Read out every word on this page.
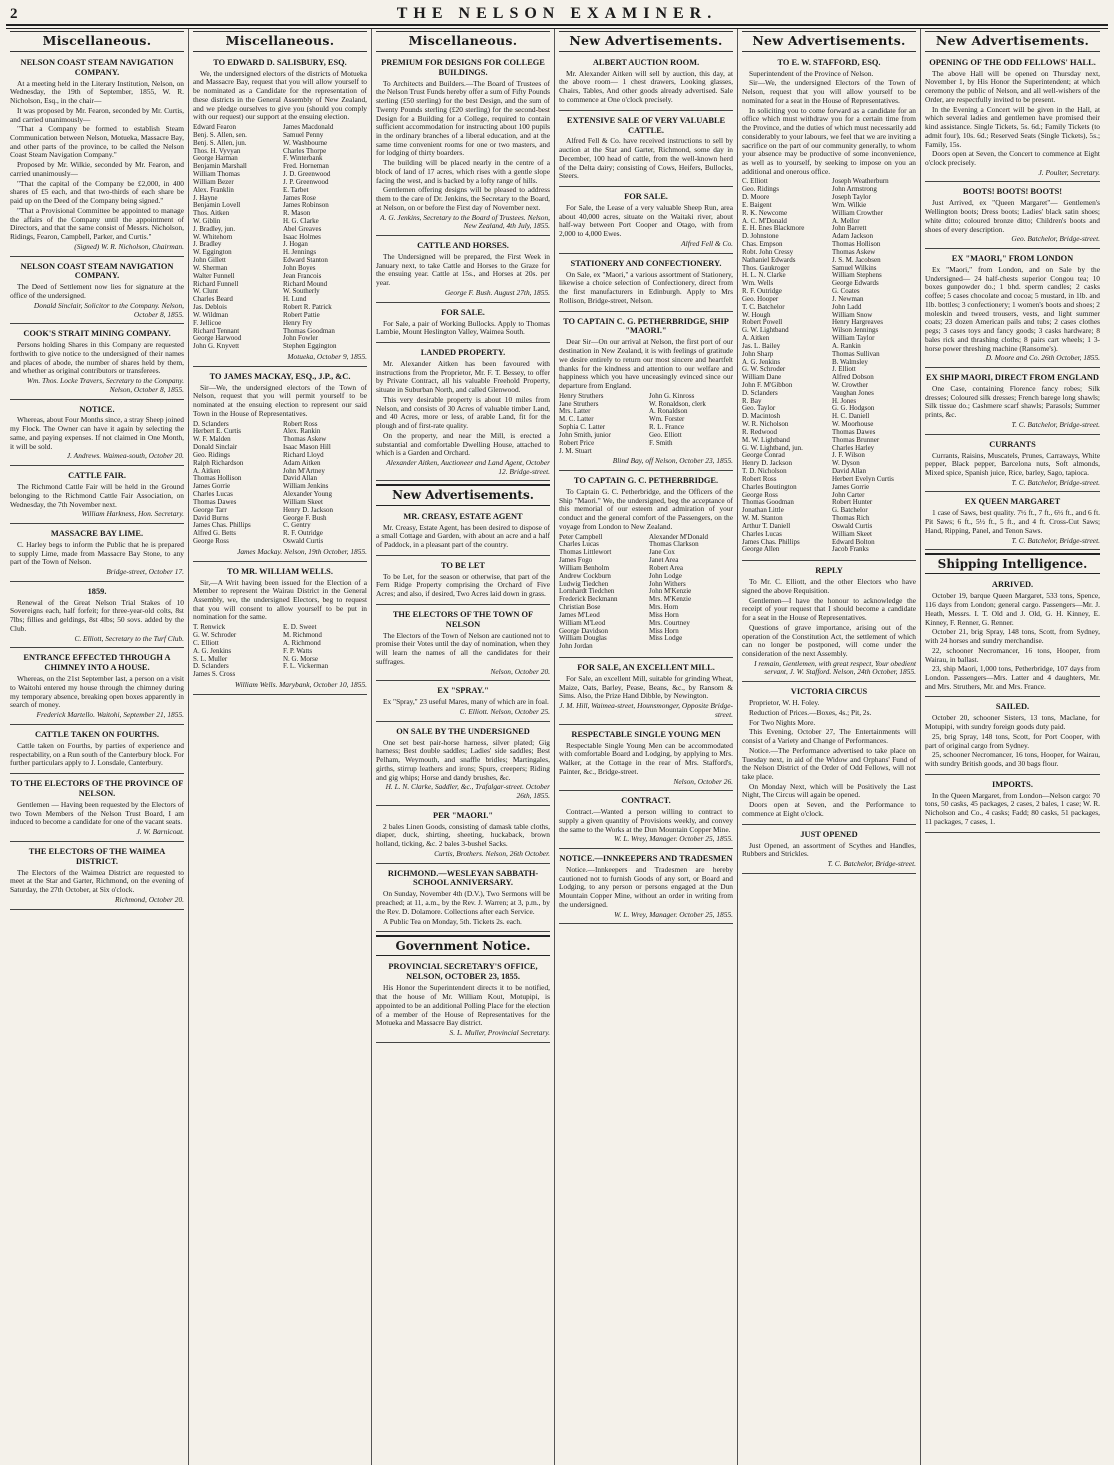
2	THE NELSON EXAMINER.
Miscellaneous.
NELSON COAST STEAM NAVIGATION COMPANY.

At a meeting held in the Literary Institution, Nelson, on Wednesday, the 19th of September, 1855, W. R. Nicholson, Esq., in the chair—

It was proposed by Mr. Fearon, seconded by Mr. Curtis, and carried unanimously—

"That a Company be formed to establish Steam Communication between Nelson, Motueka, Massacre Bay, and other parts of the province, to be called the Nelson Coast Steam Navigation Company."

Proposed by Mr. Wilkie, seconded by Mr. Fearon, and carried unanimously—

"That the capital of the Company be £2,000, in 400 shares of £5 each, and that two-thirds of each share be paid up on the Deed of the Company being signed."

"That a Provisional Committee be appointed to manage the affairs of the Company until the appointment of Directors, and that the same consist of Messrs. Nicholson, Ridings, Fearon, Campbell, Parker, and Curtis."

(Signed) W. R. Nicholson, Chairman.
NELSON COAST STEAM NAVIGATION COMPANY.

The Deed of Settlement now lies for signature at the office of the undersigned.

Donald Sinclair, Solicitor to the Company. Nelson, October 8, 1855.
COOK'S STRAIT MINING COMPANY.

Persons holding Shares in this Company are requested forthwith to give notice to the undersigned of their names and places of abode, the number of shares held by them, and whether as original contributors or transferees.

Wm. Thos. Locke Travers, Secretary to the Company. Nelson, October 8, 1855.
NOTICE.

Whereas, about Four Months since, a stray Sheep joined my Flock. The Owner can have it again by selecting the same, and paying expenses. If not claimed in One Month, it will be sold.

J. Andrews. Waimea-south, October 20.
CATTLE FAIR.

The Richmond Cattle Fair will be held in the Ground belonging to the Richmond Cattle Fair Association, on Wednesday, the 7th November next.

William Harkness, Hon. Secretary.
MASSACRE BAY LIME.

C. Harley begs to inform the Public that he is prepared to supply Lime, made from Massacre Bay Stone, to any part of the Town of Nelson.

Bridge-street, October 17.
1859.

Renewal of the Great Nelson Trial Stakes of 10 Sovereigns each, half forfeit; for three-year-old colts, 8st 7lbs; fillies and geldings, 8st 4lbs; 50 sovs. added by the Club.

C. Elliott, Secretary to the Turf Club.
ENTRANCE EFFECTED THROUGH A CHIMNEY INTO A HOUSE.

Whereas, on the 21st September last, a person on a visit to Waitohi entered my house through the chimney during my temporary absence, breaking open boxes apparently in search of money.

Frederick Martello. Waitohi, September 21, 1855.
CATTLE TAKEN ON FOURTHS.

Cattle taken on Fourths, by parties of experience and respectability, on a Run south of the Canterbury block. For further particulars apply to J. Lonsdale, Canterbury.

TO THE ELECTORS OF THE PROVINCE OF NELSON.

Gentlemen — Having been requested by the Electors of two Town Members of the Nelson Trust Board, I am induced to become a candidate for one of the vacant seats.

J. W. Barnicoat.
THE ELECTORS OF THE WAIMEA DISTRICT.

The Electors of the Waimea District are requested to meet at the Star and Garter, Richmond, on the evening of Saturday, the 27th October, at Six o'clock.

Richmond, October 20.
Miscellaneous.
TO EDWARD D. SALISBURY, ESQ.

We, the undersigned electors of the districts of Motueka and Massacre Bay, request that you will allow yourself to be nominated as a Candidate for the representation of these districts in the General Assembly of New Zealand, and we pledge ourselves to give you (should you comply with our request) our support at the ensuing election.

Edward Fearon
Benj. S. Allen, sen.
Benj. S. Allen, jun.
Thos. H. Vyvyan
George Harman
Benjamin Marshall
William Thomas
William Bezer
Alex. Franklin
J. Hayne
Benjamin Lovell
Thos. Aitken
W. Giblin
J. Bradley, jun.
W. Whitehorn
J. Bradley
W. Eggington
John Gillett
W. Sherman
Walter Funnell
Richard Funnell
W. Clunt
Charles Beard
Jas. Deblois
W. Wildman
F. Jellicoe
Richard Tennant
George Harwood
John G. Knyvett
James Macdonald
Samuel Penny
W. Washbourne
Charles Thorpe
F. Winterbank
Fred. Horneman
J. D. Greenwood
J. P. Greenwood
E. Tarbet
James Rose
James Robinson
R. Mason
H. G. Clarke
Abel Greaves
Isaac Holmes
J. Hogan
H. Jennings
Edward Stanton
John Boyes
Jean Francois
Richard Mound
W. Southerly
H. Lund
Robert R. Patrick
Robert Pattie
Henry Fry
Thomas Goodman
John Fowler
Stephen Eggington
Motueka, October 9, 1855.
TO JAMES MACKAY, ESQ., J.P., &C.

Sir—We, the undersigned electors of the Town of Nelson, request that you will permit yourself to be nominated at the ensuing election to represent our said Town in the House of Representatives.

D. Sclanders
Herbert E. Curtis
W. F. Malden
Donald Sinclair
Geo. Ridings
Ralph Richardson
A. Aitken
Thomas Hollison
James Gorrie
Charles Lucas
Thomas Dawes
George Tarr
David Burns
James Chas. Phillips
Alfred G. Betts
George Ross
Robert Ross
Alex. Rankin
Thomas Askew
Isaac Mason Hill
Richard Lloyd
Adam Aitken
John M'Artney
David Allan
William Jenkins
Alexander Young
William Skeet
Henry D. Jackson
George F. Bush
C. Gentry
R. F. Outridge
Oswald Curtis
James Mackay. Nelson, 19th October, 1855.
TO MR. WILLIAM WELLS.

Sir,—A Writ having been issued for the Election of a Member to represent the Wairau District in the General Assembly, we, the undersigned Electors, beg to request that you will consent to allow yourself to be put in nomination for the same.

T. Renwick
G. W. Schroder
C. Elliott
A. G. Jenkins
S. L. Muller
D. Sclanders
James S. Cross
E. D. Sweet
M. Richmond
A. Richmond
F. P. Watts
N. G. Morse
F. L. Vickerman
William Wells. Marybank, October 10, 1855.
Miscellaneous.
PREMIUM FOR DESIGNS FOR COLLEGE BUILDINGS.

To Architects and Builders.—The Board of Trustees of the Nelson Trust Funds hereby offer a sum of Fifty Pounds sterling (£50 sterling) for the best Design, and the sum of Twenty Pounds sterling (£20 sterling) for the second-best Design for a Building for a College, required to contain sufficient accommodation for instructing about 100 pupils in the ordinary branches of a liberal education, and at the same time convenient rooms for one or two masters, and for lodging of thirty boarders.

The building will be placed nearly in the centre of a block of land of 17 acres, which rises with a gentle slope facing the west, and is backed by a lofty range of hills.

Gentlemen offering designs will be pleased to address them to the care of Dr. Jenkins, the Secretary to the Board, at Nelson, on or before the First day of November next.

A. G. Jenkins, Secretary to the Board of Trustees. Nelson, New Zealand, 4th July, 1855.
CATTLE AND HORSES.

The Undersigned will be prepared, the First Week in January next, to take Cattle and Horses to the Graze for the ensuing year. Cattle at 15s., and Horses at 20s. per year.

George F. Bush. August 27th, 1855.
FOR SALE.

For Sale, a pair of Working Bullocks. Apply to Thomas Lambie, Mount Heslington Valley, Waimea South.

LANDED PROPERTY.

Mr. Alexander Aitken has been favoured with instructions from the Proprietor, Mr. F. T. Bessey, to offer by Private Contract, all his valuable Freehold Property, situate in Suburban North, and called Glenwood.

This very desirable property is about 10 miles from Nelson, and consists of 30 Acres of valuable timber Land, and 40 Acres, more or less, of arable Land, fit for the plough and of first-rate quality.

On the property, and near the Mill, is erected a substantial and comfortable Dwelling House, attached to which is a Garden and Orchard.

Alexander Aitken, Auctioneer and Land Agent, October 12. Bridge-street.
New Advertisements.
MR. CREASY, ESTATE AGENT

Mr. Creasy, Estate Agent, has been desired to dispose of a small Cottage and Garden, with about an acre and a half of Paddock, in a pleasant part of the country.

TO BE LET

To be Let, for the season or otherwise, that part of the Fern Ridge Property comprising the Orchard of Five Acres; and also, if desired, Two Acres laid down in grass.

THE ELECTORS OF THE TOWN OF NELSON

The Electors of the Town of Nelson are cautioned not to promise their Votes until the day of nomination, when they will learn the names of all the candidates for their suffrages.

Nelson, October 20.
EX "SPRAY."

Ex "Spray," 23 useful Mares, many of which are in foal.

C. Elliott. Nelson, October 25.
ON SALE BY THE UNDERSIGNED

One set best pair-horse harness, silver plated; Gig harness; Best double saddles; Ladies' side saddles; Best Pelham, Weymouth, and snaffle bridles; Martingales, girths, stirrup leathers and irons; Spurs, creepers; Riding and gig whips; Horse and dandy brushes, &c.

H. L. N. Clarke, Saddler, &c., Trafalgar-street. October 26th, 1855.
PER "MAORI."

2 bales Linen Goods, consisting of damask table cloths, diaper, duck, shirting, sheeting, huckaback, brown holland, ticking, &c. 2 bales 3-bushel Sacks.

Curtis, Brothers. Nelson, 26th October.
RICHMOND.—WESLEYAN SABBATH-SCHOOL ANNIVERSARY.

On Sunday, November 4th (D.V.), Two Sermons will be preached; at 11, a.m., by the Rev. J. Warren; at 3, p.m., by the Rev. D. Dolamore. Collections after each Service.

A Public Tea on Monday, 5th. Tickets 2s. each.

Government Notice.
PROVINCIAL SECRETARY'S OFFICE, NELSON, OCTOBER 23, 1855.

His Honor the Superintendent directs it to be notified, that the house of Mr. William Kout, Motupipi, is appointed to be an additional Polling Place for the election of a member of the House of Representatives for the Motueka and Massacre Bay district.

S. L. Muller, Provincial Secretary.
New Advertisements.
ALBERT AUCTION ROOM.

Mr. Alexander Aitken will sell by auction, this day, at the above room— 1 chest drawers, Looking glasses, Chairs, Tables, And other goods already advertised. Sale to commence at One o'clock precisely.

EXTENSIVE SALE OF VERY VALUABLE CATTLE.

Alfred Fell & Co. have received instructions to sell by auction at the Star and Garter, Richmond, some day in December, 100 head of cattle, from the well-known herd of the Delta dairy; consisting of Cows, Heifers, Bullocks, Steers.

FOR SALE.

For Sale, the Lease of a very valuable Sheep Run, area about 40,000 acres, situate on the Waitaki river, about half-way between Port Cooper and Otago, with from 2,000 to 4,000 Ewes.

Alfred Fell & Co.
STATIONERY AND CONFECTIONERY.

On Sale, ex "Maori," a various assortment of Stationery, likewise a choice selection of Confectionery, direct from the first manufacturers in Edinburgh. Apply to Mrs Rollison, Bridge-street, Nelson.

TO CAPTAIN C. G. PETHERBRIDGE, SHIP "MAORI."

Dear Sir—On our arrival at Nelson, the first port of our destination in New Zealand, it is with feelings of gratitude we desire entirely to return our most sincere and heartfelt thanks for the kindness and attention to our welfare and happiness which you have unceasingly evinced since our departure from England.

Henry Struthers
Jane Struthers
Mrs. Latter
M. C. Latter
Sophia C. Latter
John Smith, junior
Robert Price
J. M. Stuart
John G. Kinross
W. Ronaldson, clerk
A. Ronaldson
Wm. Forster
R. L. France
Geo. Elliott
F. Smith
Blind Bay, off Nelson, October 23, 1855.
TO CAPTAIN G. C. PETHERBRIDGE.

To Captain G. C. Petherbridge, and the Officers of the Ship "Maori." We, the undersigned, beg the acceptance of this memorial of our esteem and admiration of your conduct and the general comfort of the Passengers, on the voyage from London to New Zealand.

Peter Campbell
Charles Lucas
Thomas Littlewort
James Fogo
William Benholm
Andrew Cockburn
Ludwig Tiedchen
Lornhardt Tiedchen
Frederick Beckmann
Christian Bose
James M'Leod
William M'Leod
George Davidson
William Douglas
John Jordan
Alexander M'Donald
Thomas Clarkson
Jane Cox
Janet Area
Robert Area
John Lodge
John Withers
John M'Kenzie
Mrs. M'Kenzie
Mrs. Horn
Miss Horn
Mrs. Courtney
Miss Horn
Miss Lodge
FOR SALE, AN EXCELLENT MILL.

For Sale, an excellent Mill, suitable for grinding Wheat, Maize, Oats, Barley, Pease, Beans, &c., by Ransom & Sims. Also, the Prize Hand Dibble, by Newington.

J. M. Hill, Waimea-street, Hounsmonger, Opposite Bridge-street.
RESPECTABLE SINGLE YOUNG MEN

Respectable Single Young Men can be accommodated with comfortable Board and Lodging, by applying to Mrs. Walker, at the Cottage in the rear of Mrs. Stafford's, Painter, &c., Bridge-street.

Nelson, October 26.
CONTRACT.

Contract.—Wanted a person willing to contract to supply a given quantity of Provisions weekly, and convey the same to the Works at the Dun Mountain Copper Mine.

W. L. Wrey, Manager. October 25, 1855.
NOTICE.—INNKEEPERS AND TRADESMEN

Notice.—Innkeepers and Tradesmen are hereby cautioned not to furnish Goods of any sort, or Board and Lodging, to any person or persons engaged at the Dun Mountain Copper Mine, without an order in writing from the undersigned.

W. L. Wrey, Manager. October 25, 1855.
New Advertisements.
TO E. W. STAFFORD, ESQ.

Superintendent of the Province of Nelson.

Sir—We, the undersigned Electors of the Town of Nelson, request that you will allow yourself to be nominated for a seat in the House of Representatives.

In soliciting you to come forward as a candidate for an office which must withdraw you for a certain time from the Province, and the duties of which must necessarily add considerably to your labours, we feel that we are inviting a sacrifice on the part of our community generally, to whom your absence may be productive of some inconvenience, as well as to yourself, by seeking to impose on you an additional and onerous office.

C. Elliott
Geo. Ridings
D. Moore
E. Baigent
R. K. Newcome
A. C. M'Donald
E. H. Enes Blackmore
D. Johnstone
Chas. Empson
Robt. John Cressy
Nathaniel Edwards
Thos. Gaukroger
H. L. N. Clarke
Wm. Wells
R. F. Outridge
Geo. Hooper
T. C. Batchelor
W. Hough
Robert Powell
G. W. Lightband
A. Aitken
Jas. L. Bailey
John Sharp
A. G. Jenkins
G. W. Schroder
William Dane
John F. M'Gibbon
D. Sclanders
R. Bay
Geo. Taylor
D. Macintosh
W. R. Nicholson
R. Redwood
M. W. Lightband
G. W. Lightband, jun.
George Conrad
Henry D. Jackson
T. D. Nicholson
Robert Ross
Charles Boutington
George Ross
Thomas Goodman
Jonathan Little
W. M. Stanton
Arthur T. Daniell
Charles Lucas
James Chas. Phillips
George Allen
Joseph Weatherburn
John Armstrong
Joseph Taylor
Wm. Wilkie
William Crowther
A. Mellor
John Barrett
Adam Jackson
Thomas Hollison
Thomas Askew
J. S. M. Jacobsen
Samuel Wilkins
William Stephens
George Edwards
G. Coates
J. Newman
John Ladd
William Snow
Henry Hargreaves
Wilson Jennings
William Taylor
A. Rankin
Thomas Sullivan
B. Walmsley
J. Elliott
Alfred Dobson
W. Crowther
Vaughan Jones
H. Jones
G. G. Hodgson
H. C. Daniell
W. Moorhouse
Thomas Dawes
Thomas Brunner
Charles Harley
J. F. Wilson
W. Dyson
David Allan
Herbert Evelyn Curtis
James Gorrie
John Carter
Robert Hunter
G. Batchelor
Thomas Rich
Oswald Curtis
William Skeet
Edward Bolton
Jacob Franks
REPLY

To Mr. C. Elliott, and the other Electors who have signed the above Requisition.

Gentlemen—I have the honour to acknowledge the receipt of your request that I should become a candidate for a seat in the House of Representatives.

Questions of grave importance, arising out of the operation of the Constitution Act, the settlement of which can no longer be postponed, will come under the consideration of the next Assembly.

I remain, Gentlemen, with great respect, Your obedient servant, J. W. Stafford. Nelson, 24th October, 1855.
VICTORIA CIRCUS

Proprietor, W. H. Foley.

Reduction of Prices.—Boxes, 4s.; Pit, 2s.

For Two Nights More.

This Evening, October 27, The Entertainments will consist of a Variety and Change of Performances.

Notice.—The Performance advertised to take place on Tuesday next, in aid of the Widow and Orphans' Fund of the Nelson District of the Order of Odd Fellows, will not take place.

On Monday Next, which will be Positively the Last Night, The Circus will again be opened.

Doors open at Seven, and the Performance to commence at Eight o'clock.

JUST OPENED

Just Opened, an assortment of Scythes and Handles, Rubbers and Strickles.

T. C. Batchelor, Bridge-street.
New Advertisements.
OPENING OF THE ODD FELLOWS' HALL.

The above Hall will be opened on Thursday next, November 1, by His Honor the Superintendent; at which ceremony the public of Nelson, and all well-wishers of the Order, are respectfully invited to be present.

In the Evening a Concert will be given in the Hall, at which several ladies and gentlemen have promised their kind assistance. Single Tickets, 5s. 6d.; Family Tickets (to admit four), 10s. 6d.; Reserved Seats (Single Tickets), 5s.; Family, 15s.

Doors open at Seven, the Concert to commence at Eight o'clock precisely.

J. Poulter, Secretary.
BOOTS! BOOTS! BOOTS!

Just Arrived, ex "Queen Margaret"— Gentlemen's Wellington boots; Dress boots; Ladies' black satin shoes; white ditto; coloured bronze ditto; Children's boots and shoes of every description.

Geo. Batchelor, Bridge-street.
EX "MAORI," FROM LONDON

Ex "Maori," from London, and on Sale by the Undersigned— 24 half-chests superior Congou tea; 10 boxes gunpowder do.; 1 bhd. sperm candles; 2 casks coffee; 5 cases chocolate and cocoa; 5 mustard, in 1lb. and 1lb. bottles; 3 confectionery; 1 women's boots and shoes; 2 moleskin and tweed trousers, vests, and light summer coats; 23 dozen American pails and tubs; 2 cases clothes pegs; 3 cases toys and fancy goods; 3 casks hardware; 8 bales rick and thrashing cloths; 8 pairs cart wheels; 1 3-horse power threshing machine (Ransome's).

D. Moore and Co. 26th October, 1855.
EX SHIP MAORI, DIRECT FROM ENGLAND

One Case, containing Florence fancy robes; Silk dresses; Coloured silk dresses; French barege long shawls; Silk tissue do.; Cashmere scarf shawls; Parasols; Summer prints, &c.

T. C. Batchelor, Bridge-street.
CURRANTS

Currants, Raisins, Muscatels, Prunes, Carraways, White pepper, Black pepper, Barcelona nuts, Soft almonds, Mixed spice, Spanish juice, Rice, barley, Sago, tapioca.

T. C. Batchelor, Bridge-street.
EX QUEEN MARGARET

1 case of Saws, best quality. 7½ ft., 7 ft., 6½ ft., and 6 ft. Pit Saws; 6 ft., 5½ ft., 5 ft., and 4 ft. Cross-Cut Saws; Hand, Ripping, Panel, and Tenon Saws.

T. C. Batchelor, Bridge-street.
Shipping Intelligence.
ARRIVED.

October 19, barque Queen Margaret, 533 tons, Spence, 116 days from London; general cargo. Passengers—Mr. J. Heath, Messrs. I. T. Old and J. Old, G. H. Kinney, E. Kinney, F. Renner, G. Renner.

October 21, brig Spray, 148 tons, Scott, from Sydney, with 24 horses and sundry merchandise.

22, schooner Necromancer, 16 tons, Hooper, from Wairau, in ballast.

23, ship Maori, 1,000 tons, Petherbridge, 107 days from London. Passengers—Mrs. Latter and 4 daughters, Mr. and Mrs. Struthers, Mr. and Mrs. France.

SAILED.

October 20, schooner Sisters, 13 tons, Maclane, for Motupipi, with sundry foreign goods duty paid.

25, brig Spray, 148 tons, Scott, for Port Cooper, with part of original cargo from Sydney.

25, schooner Necromancer, 16 tons, Hooper, for Wairau, with sundry British goods, and 30 bags flour.

IMPORTS.

In the Queen Margaret, from London—Nelson cargo: 70 tons, 50 casks, 45 packages, 2 cases, 2 bales, 1 case; W. R. Nicholson and Co., 4 casks; Fadd; 80 casks, 51 packages, 11 packages, 7 cases, 1.
